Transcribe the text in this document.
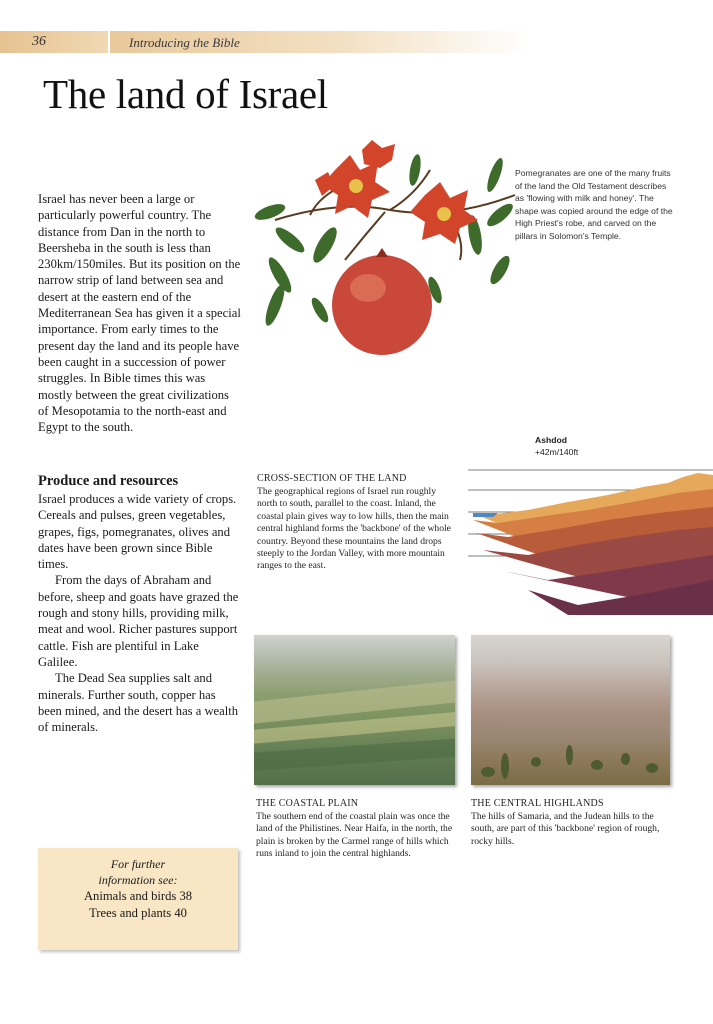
36	Introducing the Bible
The land of Israel

Israel has never been a large or particularly powerful country. The distance from Dan in the north to Beersheba in the south is less than 230km/150miles. But its position on the narrow strip of land between sea and desert at the eastern end of the Mediterranean Sea has given it a special importance. From early times to the present day the land and its people have been caught in a succession of power struggles. In Bible times this was mostly between the great civilizations of Mesopotamia to the north-east and Egypt to the south.

Produce and resources

Israel produces a wide variety of crops. Cereals and pulses, green vegetables, grapes, figs, pomegranates, olives and dates have been grown since Bible times.

From the days of Abraham and before, sheep and goats have grazed the rough and stony hills, providing milk, meat and wool. Richer pastures support cattle. Fish are plentiful in Lake Galilee.

The Dead Sea supplies salt and minerals. Further south, copper has been mined, and the desert has a wealth of minerals.

Pomegranates are one of the many fruits of the land the Old Testament describes as 'flowing with milk and honey'. The shape was copied around the edge of the High Priest's robe, and carved on the pillars in Solomon's Temple.

CROSS-SECTION OF THE LAND

The geographical regions of Israel run roughly north to south, parallel to the coast. Inland, the coastal plain gives way to low hills, then the main central highland forms the 'backbone' of the whole country. Beyond these mountains the land drops steeply to the Jordan Valley, with more mountain ranges to the east.

Ashdod
+42m/140ft
THE COASTAL PLAIN

The southern end of the coastal plain was once the land of the Philistines. Near Haifa, in the north, the plain is broken by the Carmel range of hills which runs inland to join the central highlands.

THE CENTRAL HIGHLANDS

The hills of Samaria, and the Judean hills to the south, are part of this 'backbone' region of rough, rocky hills.

For further information see:
Animals and birds 38
Trees and plants 40
